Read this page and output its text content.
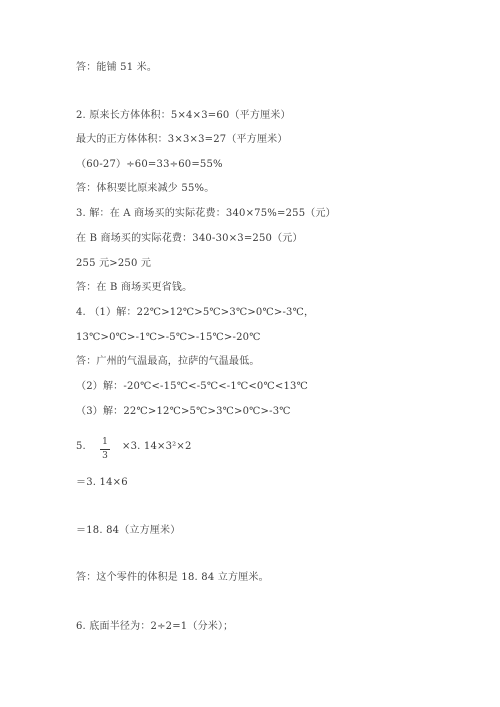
答：能铺 51 米。
2. 原来长方体体积：5×4×3=60（平方厘米）
最大的正方体体积：3×3×3=27（平方厘米）
（60-27）÷60=33÷60=55%
答：体积要比原来减少 55%。
3. 解：在 A 商场买的实际花费：340×75%=255（元）
在 B 商场买的实际花费：340-30×3=250（元）
255 元>250 元
答：在 B 商场买更省钱。
4. （1）解：22℃>12℃>5℃>3℃>0℃>-3℃，
13℃>0℃>-1℃>-5℃>-15℃>-20℃
答：广州的气温最高，拉萨的气温最低。
（2）解：-20℃<-15℃<-5℃<-1℃<0℃<13℃
（3）解：22℃>12℃>5℃>3℃>0℃>-3℃
5. 1
3
×3. 14×3²×2
＝3. 14×6
＝18. 84（立方厘米）
答：这个零件的体积是 18. 84 立方厘米。
6. 底面半径为：2÷2=1（分米）；
